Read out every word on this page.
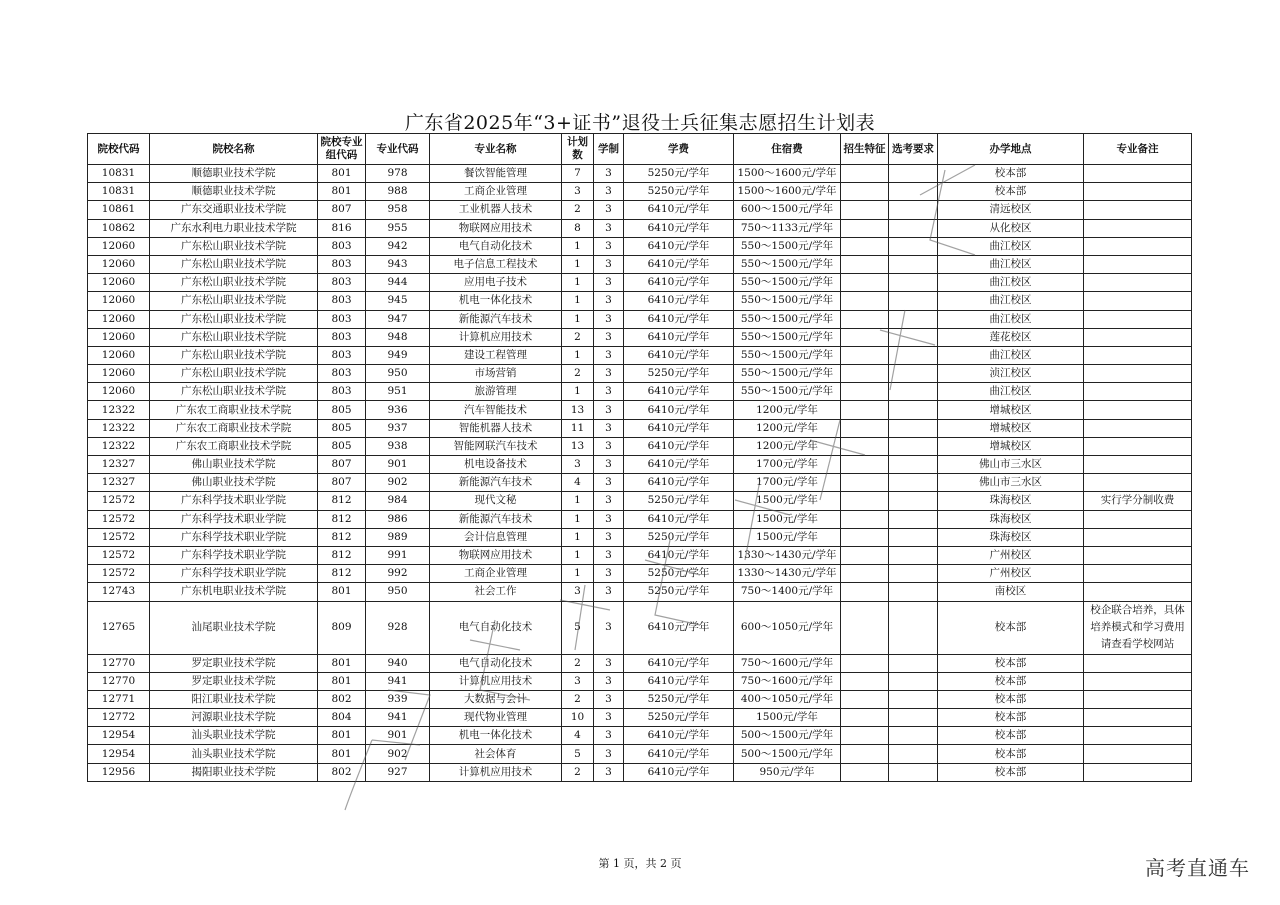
广东省2025年“3+证书”退役士兵征集志愿招生计划表
院校代码	院校名称	院校专业组代码	专业代码	专业名称	计划数	学制	学费	住宿费	招生特征	选考要求	办学地点	专业备注
10831	顺德职业技术学院	801	978	餐饮智能管理	7	3	5250元/学年	1500～1600元/学年			校本部	
10831	顺德职业技术学院	801	988	工商企业管理	3	3	5250元/学年	1500～1600元/学年			校本部	
10861	广东交通职业技术学院	807	958	工业机器人技术	2	3	6410元/学年	600～1500元/学年			清远校区	
10862	广东水利电力职业技术学院	816	955	物联网应用技术	8	3	6410元/学年	750～1133元/学年			从化校区	
12060	广东松山职业技术学院	803	942	电气自动化技术	1	3	6410元/学年	550～1500元/学年			曲江校区	
12060	广东松山职业技术学院	803	943	电子信息工程技术	1	3	6410元/学年	550～1500元/学年			曲江校区	
12060	广东松山职业技术学院	803	944	应用电子技术	1	3	6410元/学年	550～1500元/学年			曲江校区	
12060	广东松山职业技术学院	803	945	机电一体化技术	1	3	6410元/学年	550～1500元/学年			曲江校区	
12060	广东松山职业技术学院	803	947	新能源汽车技术	1	3	6410元/学年	550～1500元/学年			曲江校区	
12060	广东松山职业技术学院	803	948	计算机应用技术	2	3	6410元/学年	550～1500元/学年			莲花校区	
12060	广东松山职业技术学院	803	949	建设工程管理	1	3	6410元/学年	550～1500元/学年			曲江校区	
12060	广东松山职业技术学院	803	950	市场营销	2	3	5250元/学年	550～1500元/学年			浈江校区	
12060	广东松山职业技术学院	803	951	旅游管理	1	3	6410元/学年	550～1500元/学年			曲江校区	
12322	广东农工商职业技术学院	805	936	汽车智能技术	13	3	6410元/学年	1200元/学年			增城校区	
12322	广东农工商职业技术学院	805	937	智能机器人技术	11	3	6410元/学年	1200元/学年			增城校区	
12322	广东农工商职业技术学院	805	938	智能网联汽车技术	13	3	6410元/学年	1200元/学年			增城校区	
12327	佛山职业技术学院	807	901	机电设备技术	3	3	6410元/学年	1700元/学年			佛山市三水区	
12327	佛山职业技术学院	807	902	新能源汽车技术	4	3	6410元/学年	1700元/学年			佛山市三水区	
12572	广东科学技术职业学院	812	984	现代文秘	1	3	5250元/学年	1500元/学年			珠海校区	实行学分制收费
12572	广东科学技术职业学院	812	986	新能源汽车技术	1	3	6410元/学年	1500元/学年			珠海校区	
12572	广东科学技术职业学院	812	989	会计信息管理	1	3	5250元/学年	1500元/学年			珠海校区	
12572	广东科学技术职业学院	812	991	物联网应用技术	1	3	6410元/学年	1330～1430元/学年			广州校区	
12572	广东科学技术职业学院	812	992	工商企业管理	1	3	5250元/学年	1330～1430元/学年			广州校区	
12743	广东机电职业技术学院	801	950	社会工作	3	3	5250元/学年	750～1400元/学年			南校区	
12765	汕尾职业技术学院	809	928	电气自动化技术	5	3	6410元/学年	600～1050元/学年			校本部	校企联合培养，具体培养模式和学习费用请查看学校网站
12770	罗定职业技术学院	801	940	电气自动化技术	2	3	6410元/学年	750～1600元/学年			校本部	
12770	罗定职业技术学院	801	941	计算机应用技术	3	3	6410元/学年	750～1600元/学年			校本部	
12771	阳江职业技术学院	802	939	大数据与会计	2	3	5250元/学年	400～1050元/学年			校本部	
12772	河源职业技术学院	804	941	现代物业管理	10	3	5250元/学年	1500元/学年			校本部	
12954	汕头职业技术学院	801	901	机电一体化技术	4	3	6410元/学年	500～1500元/学年			校本部	
12954	汕头职业技术学院	801	902	社会体育	5	3	6410元/学年	500～1500元/学年			校本部	
12956	揭阳职业技术学院	802	927	计算机应用技术	2	3	6410元/学年	950元/学年			校本部	
第 1 页，共 2 页	高考直通车
